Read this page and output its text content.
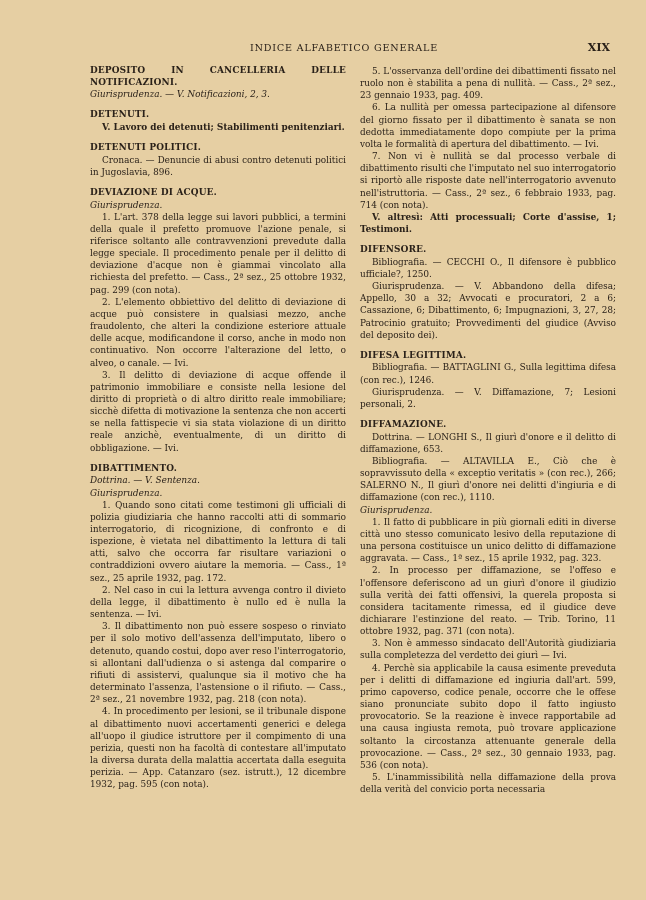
INDICE ALFABETICO GENERALE	XIX

DEPOSITO IN CANCELLERIA DELLE NOTIFICAZIONI.

Giurisprudenza. — V. Notificazioni, 2, 3.

DETENUTI.

V. Lavoro dei detenuti; Stabilimenti penitenziari.

DETENUTI POLITICI.

Cronaca. — Denuncie di abusi contro detenuti politici in Jugoslavia, 896.

DEVIAZIONE DI ACQUE.

Giurisprudenza.

1. L'art. 378 della legge sui lavori pubblici, a termini della quale il prefetto promuove l'azione penale, si riferisce soltanto alle contravvenzioni prevedute dalla legge speciale. Il procedimento penale per il delitto di deviazione d'acque non è giammai vincolato alla richiesta del prefetto. — Cass., 2ª sez., 25 ottobre 1932, pag. 299 (con nota).

2. L'elemento obbiettivo del delitto di deviazione di acque può consistere in qualsiasi mezzo, anche fraudolento, che alteri la condizione esteriore attuale delle acque, modificandone il corso, anche in modo non continuativo. Non occorre l'alterazione del letto, o alveo, o canale. — Ivi.

3. Il delitto di deviazione di acque offende il patrimonio immobiliare e consiste nella lesione del diritto di proprietà o di altro diritto reale immobiliare; sicchè difetta di motivazione la sentenza che non accerti se nella fattispecie vi sia stata violazione di un diritto reale anzichè, eventualmente, di un diritto di obbligazione. — Ivi.

DIBATTIMENTO.

Dottrina. — V. Sentenza.

Giurisprudenza.

1. Quando sono citati come testimoni gli ufficiali di polizia giudiziaria che hanno raccolti atti di sommario interrogatorio, di ricognizione, di confronto e di ispezione, è vietata nel dibattimento la lettura di tali atti, salvo che occorra far risultare variazioni o contraddizioni ovvero aiutare la memoria. — Cass., 1ª sez., 25 aprile 1932, pag. 172.

2. Nel caso in cui la lettura avvenga contro il divieto della legge, il dibattimento è nullo ed è nulla la sentenza. — Ivi.

3. Il dibattimento non può essere sospeso o rinviato per il solo motivo dell'assenza dell'imputato, libero o detenuto, quando costui, dopo aver reso l'interrogatorio, si allontani dall'udienza o si astenga dal comparire o rifiuti di assistervi, qualunque sia il motivo che ha determinato l'assenza, l'astensione o il rifiuto. — Cass., 2ª sez., 21 novembre 1932, pag. 218 (con nota).

4. In procedimento per lesioni, se il tribunale dispone al dibattimento nuovi accertamenti generici e delega all'uopo il giudice istruttore per il compimento di una perizia, questi non ha facoltà di contestare all'imputato la diversa durata della malattia accertata dalla eseguita perizia. — App. Catanzaro (sez. istrutt.), 12 dicembre 1932, pag. 595 (con nota).

5. L'osservanza dell'ordine dei dibattimenti fissato nel ruolo non è stabilita a pena di nullità. — Cass., 2ª sez., 23 gennaio 1933, pag. 409.

6. La nullità per omessa partecipazione al difensore del giorno fissato per il dibattimento è sanata se non dedotta immediatamente dopo compiute per la prima volta le formalità di apertura del dibattimento. — Ivi.

7. Non vi è nullità se dal processo verbale di dibattimento risulti che l'imputato nel suo interrogatorio si riportò alle risposte date nell'interrogatorio avvenuto nell'istruttoria. — Cass., 2ª sez., 6 febbraio 1933, pag. 714 (con nota).

V. altresì: Atti processuali; Corte d'assise, 1; Testimoni.

DIFENSORE.

Bibliografia. — CECCHI O., Il difensore è pubblico ufficiale?, 1250.

Giurisprudenza. — V. Abbandono della difesa; Appello, 30 a 32; Avvocati e procuratori, 2 a 6; Cassazione, 6; Dibattimento, 6; Impugnazioni, 3, 27, 28; Patrocinio gratuito; Provvedimenti del giudice (Avviso del deposito dei).

DIFESA LEGITTIMA.

Bibliografia. — BATTAGLINI G., Sulla legittima difesa (con rec.), 1246.

Giurisprudenza. — V. Diffamazione, 7; Lesioni personali, 2.

DIFFAMAZIONE.

Dottrina. — LONGHI S., Il giurì d'onore e il delitto di diffamazione, 653.

Bibliografia. — ALTAVILLA E., Ciò che è sopravvissuto della « exceptio veritatis » (con rec.), 266; SALERNO N., Il giurì d'onore nei delitti d'ingiuria e di diffamazione (con rec.), 1110.

Giurisprudenza.

1. Il fatto di pubblicare in più giornali editi in diverse città uno stesso comunicato lesivo della reputazione di una persona costituisce un unico delitto di diffamazione aggravata. — Cass., 1ª sez., 15 aprile 1932, pag. 323.

2. In processo per diffamazione, se l'offeso e l'offensore deferiscono ad un giurì d'onore il giudizio sulla verità dei fatti offensivi, la querela proposta si considera tacitamente rimessa, ed il giudice deve dichiarare l'estinzione del reato. — Trib. Torino, 11 ottobre 1932, pag. 371 (con nota).

3. Non è ammesso sindacato dell'Autorità giudiziaria sulla completezza del verdetto dei giurì — Ivi.

4. Perchè sia applicabile la causa esimente preveduta per i delitti di diffamazione ed ingiuria dall'art. 599, primo capoverso, codice penale, occorre che le offese siano pronunciate subito dopo il fatto ingiusto provocatorio. Se la reazione è invece rapportabile ad una causa ingiusta remota, può trovare applicazione soltanto la circostanza attenuante generale della provocazione. — Cass., 2ª sez., 30 gennaio 1933, pag. 536 (con nota).

5. L'inammissibilità nella diffamazione della prova della verità del convicio porta necessaria
